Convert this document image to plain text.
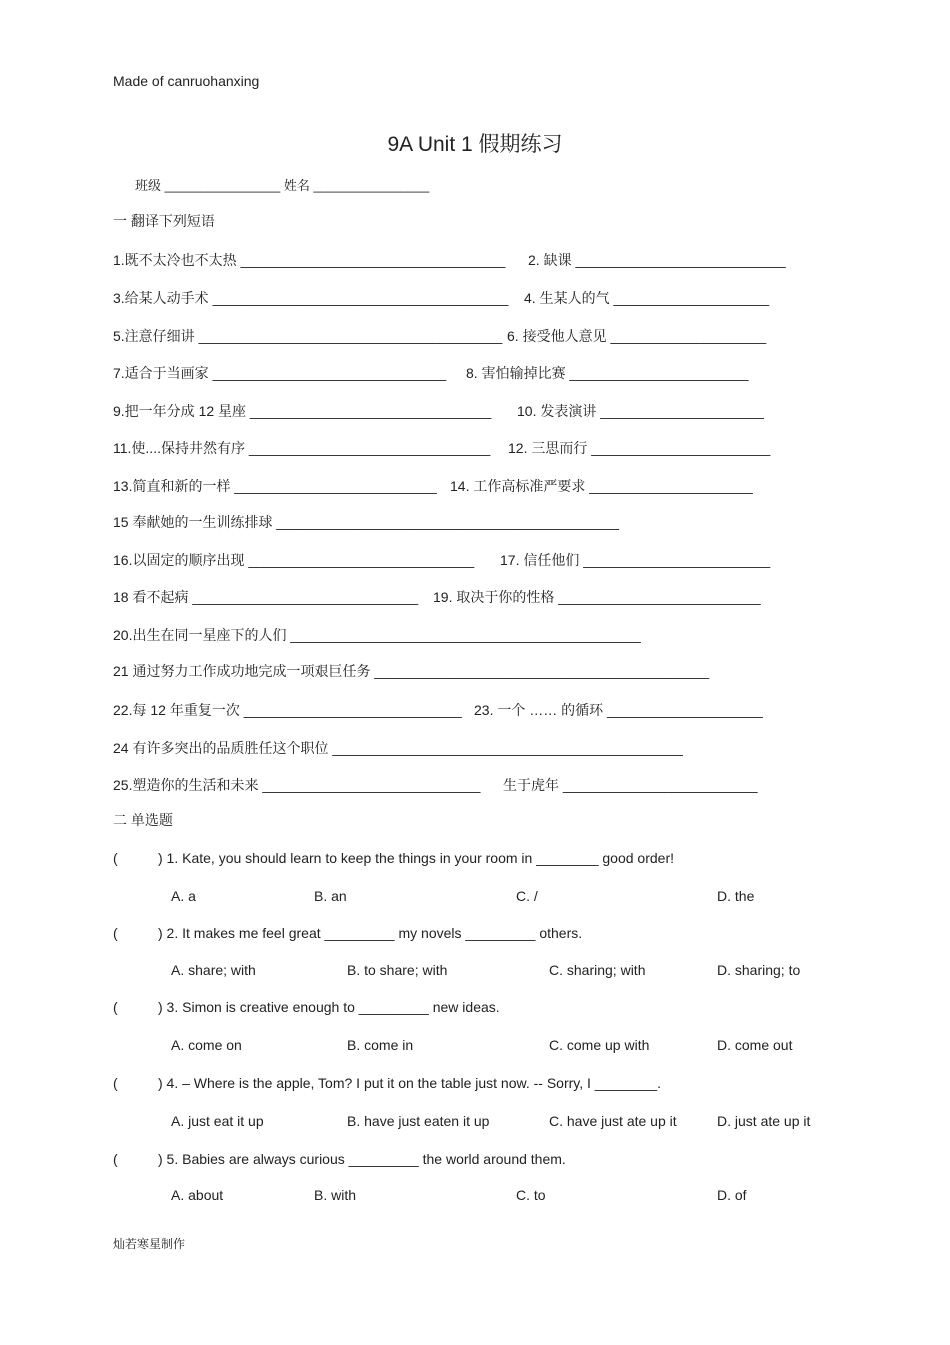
Made of canruohanxing
9A Unit 1 假期练习
班级 ________________ 姓名 ________________
一 翻译下列短语
1.既不太冷也不太热 __________________________________ 2. 缺课 ___________________________
3.给某人动手术 ______________________________________ 4. 生某人的气 ____________________
5.注意仔细讲 _______________________________________ 6. 接受他人意见 ____________________
7.适合于当画家 ______________________________ 8. 害怕输掉比赛 _______________________
9.把一年分成 12 星座 _______________________________ 10. 发表演讲 _____________________
11.使....保持井然有序 _______________________________ 12. 三思而行 _______________________
13.简直和新的一样 __________________________ 14. 工作高标准严要求 _____________________
15 奉献她的一生训练排球 ____________________________________________
16.以固定的顺序出现 _____________________________ 17. 信任他们 ________________________
18 看不起病 _____________________________ 19. 取决于你的性格 __________________________
20.出生在同一星座下的人们 _____________________________________________
21 通过努力工作成功地完成一项艰巨任务 ___________________________________________
22.每 12 年重复一次 ____________________________ 23. 一个 …… 的循环 ____________________
24 有许多突出的品质胜任这个职位 _____________________________________________
25.塑造你的生活和未来 ____________________________ 生于虎年 _________________________
二 单选题
(	) 1. Kate, you should learn to keep the things in your room in ________ good order!
A. a	B. an	C. /	D. the
(	) 2. It makes me feel great _________ my novels _________ others.
A. share; with	B. to share; with	C. sharing; with	D. sharing; to
(	) 3. Simon is creative enough to _________ new ideas.
A. come on	B. come in	C. come up with	D. come out
(	) 4. – Where is the apple, Tom? I put it on the table just now. -- Sorry, I ________.
A. just eat it up	B. have just eaten it up	C. have just ate up it	D. just ate up it
(	) 5. Babies are always curious _________ the world around them.
A. about	B. with	C. to	D. of
灿若寒星制作
